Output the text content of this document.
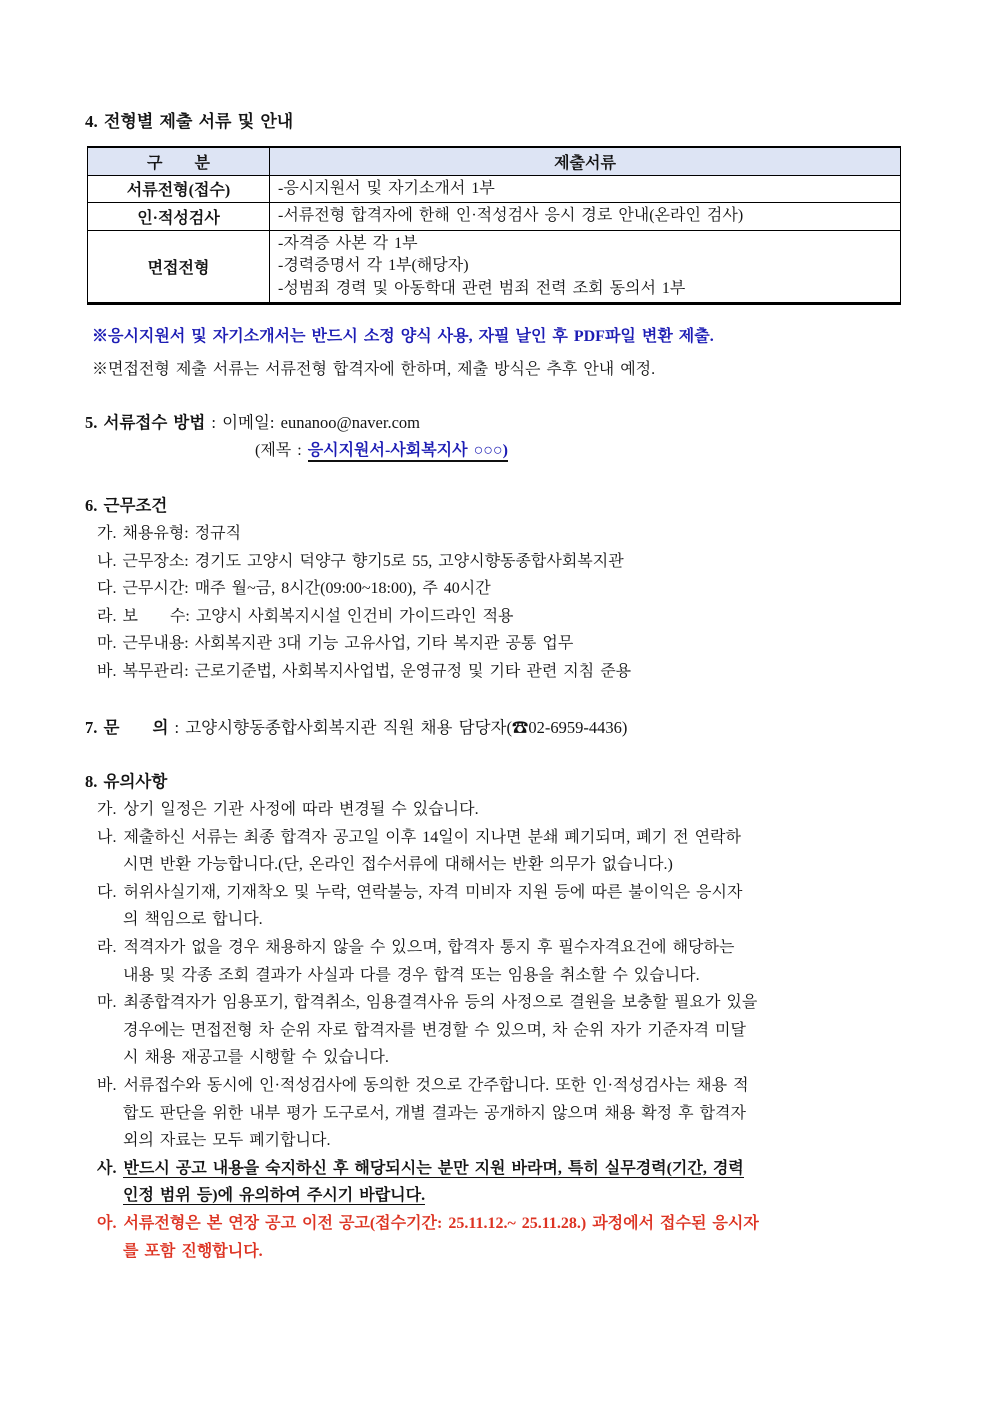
4. 전형별 제출 서류 및 안내
구　　분	제출서류
서류전형(접수)	-응시지원서 및 자기소개서 1부

인·적성검사	-서류전형 합격자에 한해 인·적성검사 응시 경로 안내(온라인 검사)

면접전형	-자격증 사본 각 1부
-경력증명서 각 1부(해당자)
-성범죄 경력 및 아동학대 관련 범죄 전력 조회 동의서 1부
※응시지원서 및 자기소개서는 반드시 소정 양식 사용, 자필 날인 후 PDF파일 변환 제출.
※면접전형 제출 서류는 서류전형 합격자에 한하며, 제출 방식은 추후 안내 예정.
5. 서류접수 방법 : 이메일: eunanoo@naver.com
(제목 : 응시지원서-사회복지사 ○○○)
6. 근무조건
가. 채용유형: 정규직
나. 근무장소: 경기도 고양시 덕양구 향기5로 55, 고양시향동종합사회복지관
다. 근무시간: 매주 월~금, 8시간(09:00~18:00), 주 40시간
라. 보　　수: 고양시 사회복지시설 인건비 가이드라인 적용
마. 근무내용: 사회복지관 3대 기능 고유사업, 기타 복지관 공통 업무
바. 복무관리: 근로기준법, 사회복지사업법, 운영규정 및 기타 관련 지침 준용
7. 문　　의 : 고양시향동종합사회복지관 직원 채용 담당자(☎02-6959-4436)
8. 유의사항
가. 상기 일정은 기관 사정에 따라 변경될 수 있습니다.
나. 제출하신 서류는 최종 합격자 공고일 이후 14일이 지나면 분쇄 폐기되며, 폐기 전 연락하
시면 반환 가능합니다.(단, 온라인 접수서류에 대해서는 반환 의무가 없습니다.)
다. 허위사실기재, 기재착오 및 누락, 연락불능, 자격 미비자 지원 등에 따른 불이익은 응시자
의 책임으로 합니다.
라. 적격자가 없을 경우 채용하지 않을 수 있으며, 합격자 통지 후 필수자격요건에 해당하는
내용 및 각종 조회 결과가 사실과 다를 경우 합격 또는 임용을 취소할 수 있습니다.
마. 최종합격자가 임용포기, 합격취소, 임용결격사유 등의 사정으로 결원을 보충할 필요가 있을
경우에는 면접전형 차 순위 자로 합격자를 변경할 수 있으며, 차 순위 자가 기준자격 미달
시 채용 재공고를 시행할 수 있습니다.
바. 서류접수와 동시에 인·적성검사에 동의한 것으로 간주합니다. 또한 인·적성검사는 채용 적
합도 판단을 위한 내부 평가 도구로서, 개별 결과는 공개하지 않으며 채용 확정 후 합격자
외의 자료는 모두 폐기합니다.
사. 반드시 공고 내용을 숙지하신 후 해당되시는 분만 지원 바라며, 특히 실무경력(기간, 경력
인정 범위 등)에 유의하여 주시기 바랍니다.
아. 서류전형은 본 연장 공고 이전 공고(접수기간: 25.11.12.~ 25.11.28.) 과정에서 접수된 응시자
를 포함 진행합니다.
